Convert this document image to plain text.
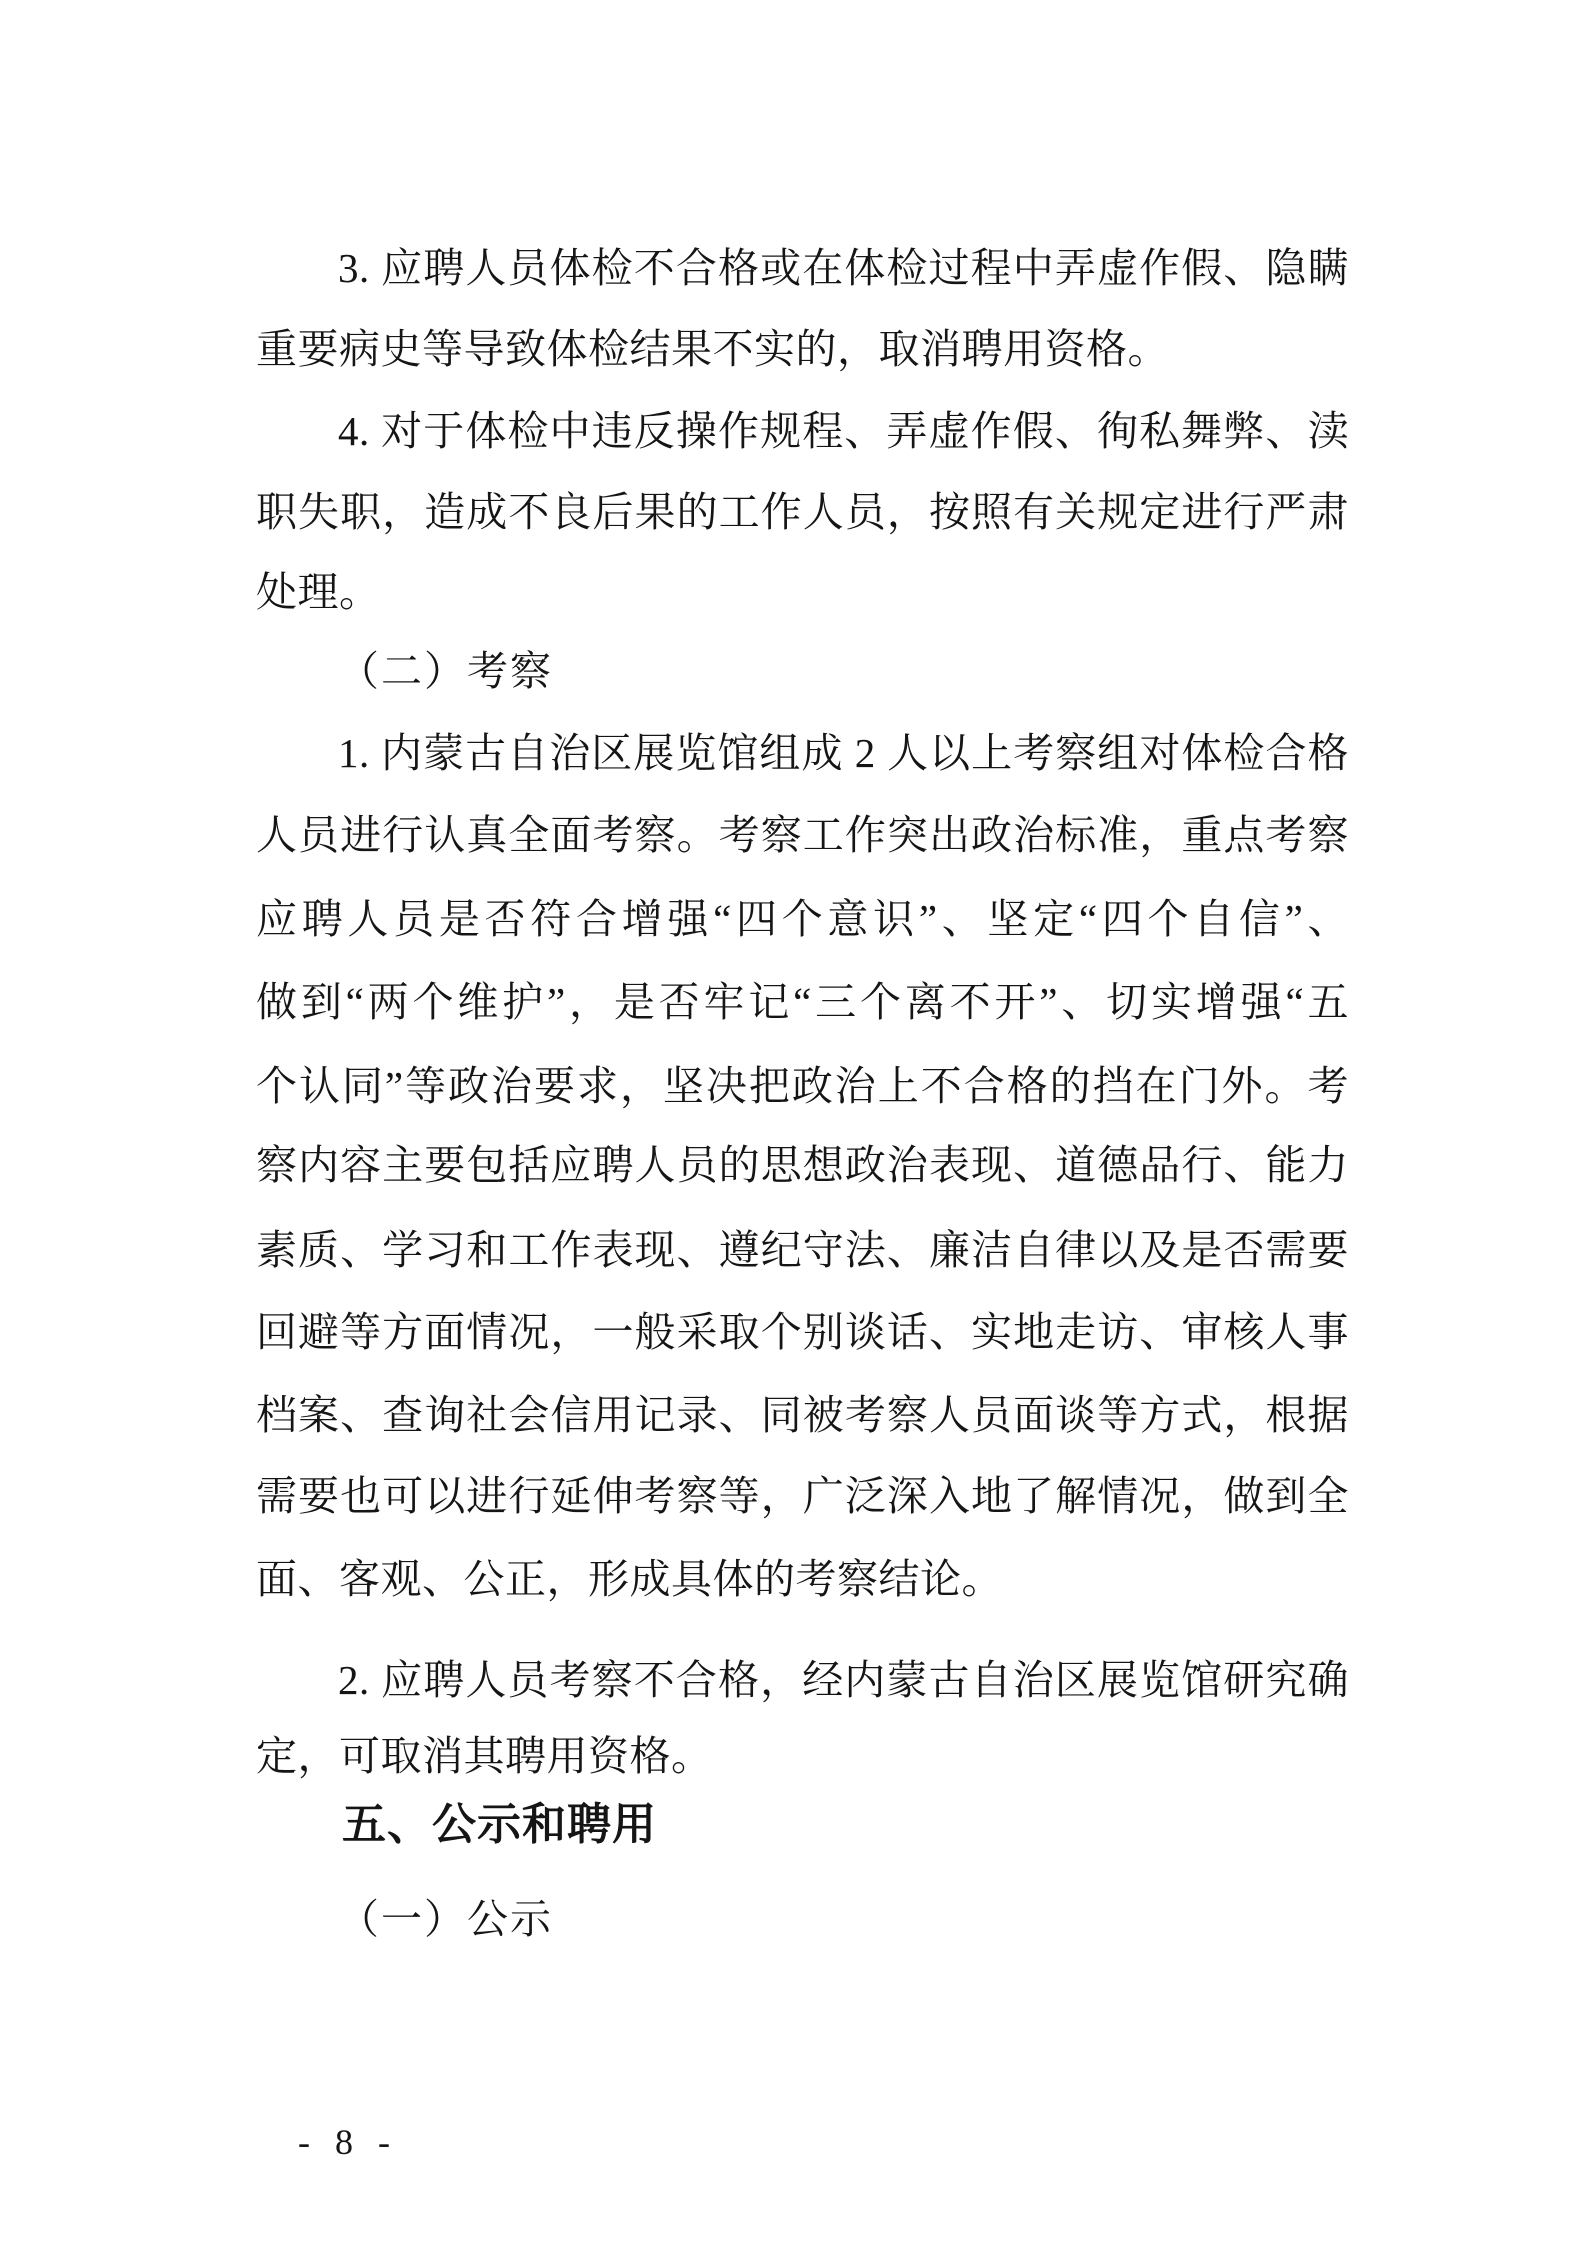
3. 应聘人员体检不合格或在体检过程中弄虚作假、隐瞒
重要病史等导致体检结果不实的，取消聘用资格。
4. 对于体检中违反操作规程、弄虚作假、徇私舞弊、渎
职失职，造成不良后果的工作人员，按照有关规定进行严肃
处理。
（二）考察
1. 内蒙古自治区展览馆组成 2 人以上考察组对体检合格
人员进行认真全面考察。考察工作突出政治标准，重点考察
应聘人员是否符合增强“四个意识”、坚定“四个自信”、
做到“两个维护”，是否牢记“三个离不开”、切实增强“五
个认同”等政治要求，坚决把政治上不合格的挡在门外。考
察内容主要包括应聘人员的思想政治表现、道德品行、能力
素质、学习和工作表现、遵纪守法、廉洁自律以及是否需要
回避等方面情况，一般采取个别谈话、实地走访、审核人事
档案、查询社会信用记录、同被考察人员面谈等方式，根据
需要也可以进行延伸考察等，广泛深入地了解情况，做到全
面、客观、公正，形成具体的考察结论。
2. 应聘人员考察不合格，经内蒙古自治区展览馆研究确
定，可取消其聘用资格。
五、公示和聘用
（一）公示
- 8 -
